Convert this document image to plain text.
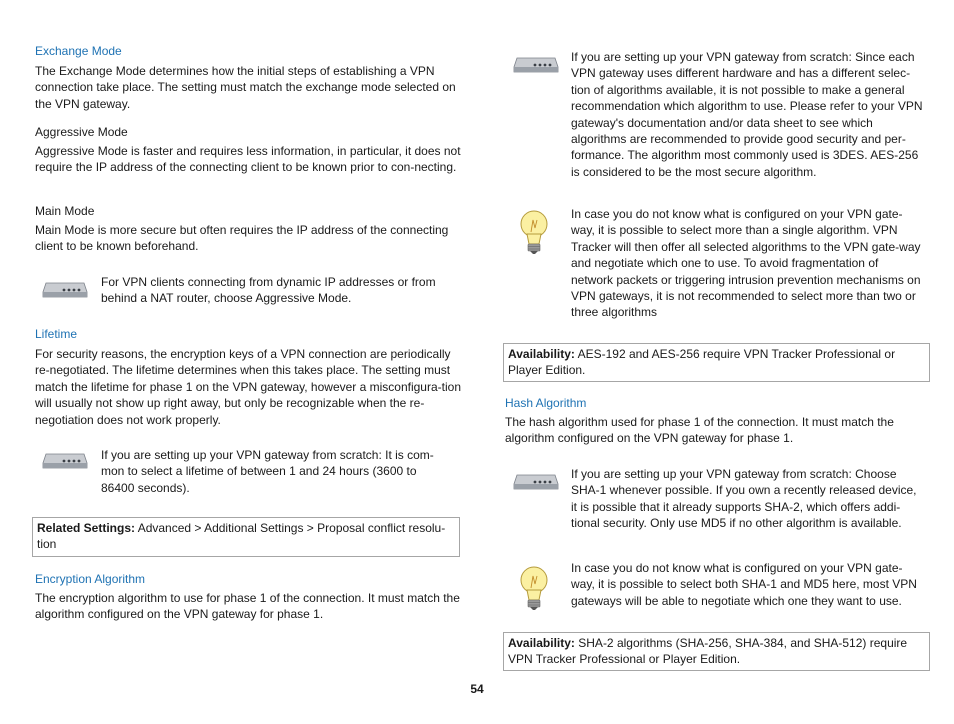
Exchange Mode

The Exchange Mode determines how the initial steps of establishing a VPN connection take place. The setting must match the exchange mode selected on the VPN gateway.

Aggressive Mode

Aggressive Mode is faster and requires less information, in particular, it does not require the IP address of the connecting client to be known prior to con-necting.

Main Mode

Main Mode is more secure but often requires the IP address of the connecting client to be known beforehand.

For VPN clients connecting from dynamic IP addresses or from behind a NAT router, choose Aggressive Mode.

Lifetime

For security reasons, the encryption keys of a VPN connection are periodically re-negotiated. The lifetime determines when this takes place. The setting must match the lifetime for phase 1 on the VPN gateway, however a misconfigura-tion will usually not show up right away, but only be recognizable when the re-negotiation does not work properly.

If you are setting up your VPN gateway from scratch: It is com-mon to select a lifetime of between 1 and 24 hours (3600 to 86400 seconds).

Related Settings: Advanced > Additional Settings > Proposal conflict resolu-tion
Encryption Algorithm

The encryption algorithm to use for phase 1 of the connection. It must match the algorithm configured on the VPN gateway for phase 1.

If you are setting up your VPN gateway from scratch: Since each VPN gateway uses different hardware and has a different selec-tion of algorithms available, it is not possible to make a general recommendation which algorithm to use. Please refer to your VPN gateway's documentation and/or data sheet to see which algorithms are recommended to provide good security and per-formance. The algorithm most commonly used is 3DES. AES-256 is considered to be the most secure algorithm.

In case you do not know what is configured on your VPN gate-way, it is possible to select more than a single algorithm. VPN Tracker will then offer all selected algorithms to the VPN gate-way and negotiate which one to use. To avoid fragmentation of network packets or triggering intrusion prevention mechanisms on VPN gateways, it is not recommended to select more than two or three algorithms

Availability: AES-192 and AES-256 require VPN Tracker Professional or Player Edition.
Hash Algorithm

The hash algorithm used for phase 1 of the connection. It must match the algorithm configured on the VPN gateway for phase 1.

If you are setting up your VPN gateway from scratch: Choose SHA-1 whenever possible. If you own a recently released device, it is possible that it already supports SHA-2, which offers addi-tional security. Only use MD5 if no other algorithm is available.

In case you do not know what is configured on your VPN gate-way, it is possible to select both SHA-1 and MD5 here, most VPN gateways will be able to negotiate which one they want to use.

Availability: SHA-2 algorithms (SHA-256, SHA-384, and SHA-512) require VPN Tracker Professional or Player Edition.
54
